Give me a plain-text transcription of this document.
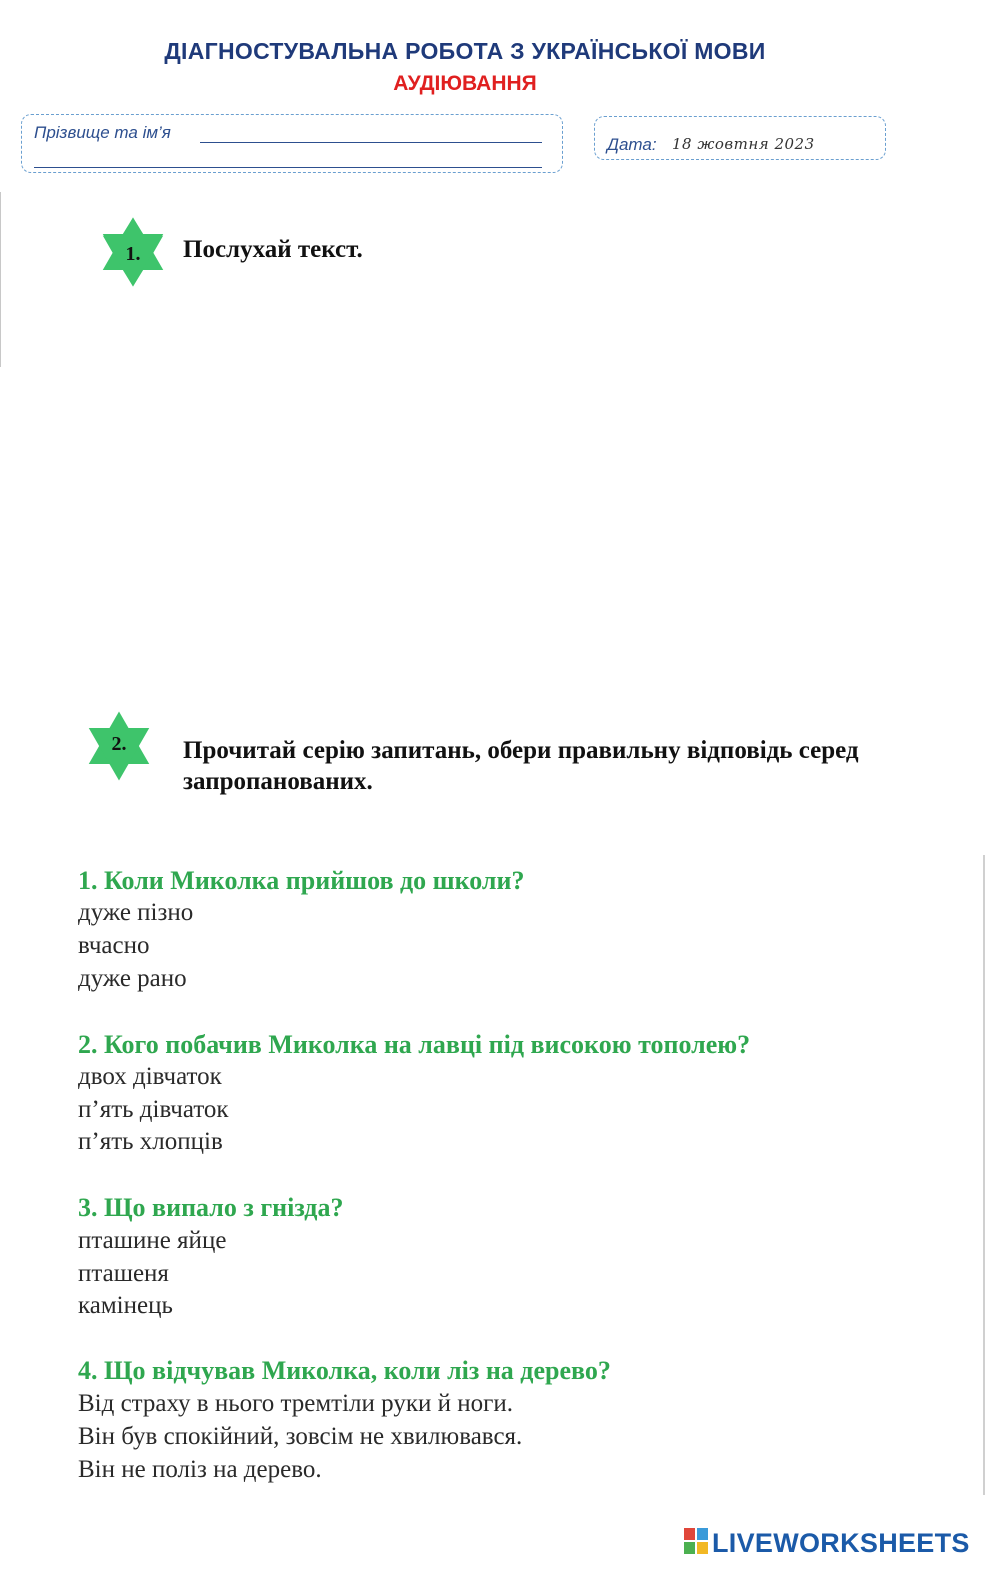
ДІАГНОСТУВАЛЬНА РОБОТА З УКРАЇНСЬКОЇ МОВИ
АУДІЮВАННЯ
Прізвище та ім’я
Дата: 18 жовтня 2023
1.	Послухай текст.
2.	Прочитай серію запитань, обери правильну відповідь серед
запропанованих.
1. Коли Миколка прийшов до школи?
дуже пізно
вчасно
дуже рано
2. Кого побачив Миколка на лавці під високою тополею?
двох дівчаток
п’ять дівчаток
п’ять хлопців
3. Що випало з гнізда?
пташине яйце
пташеня
камінець
4. Що відчував Миколка, коли ліз на дерево?
Від страху в нього тремтіли руки й ноги.
Він був спокійний, зовсім не хвилювався.
Він не поліз на дерево.
LIVEWORKSHEETS
